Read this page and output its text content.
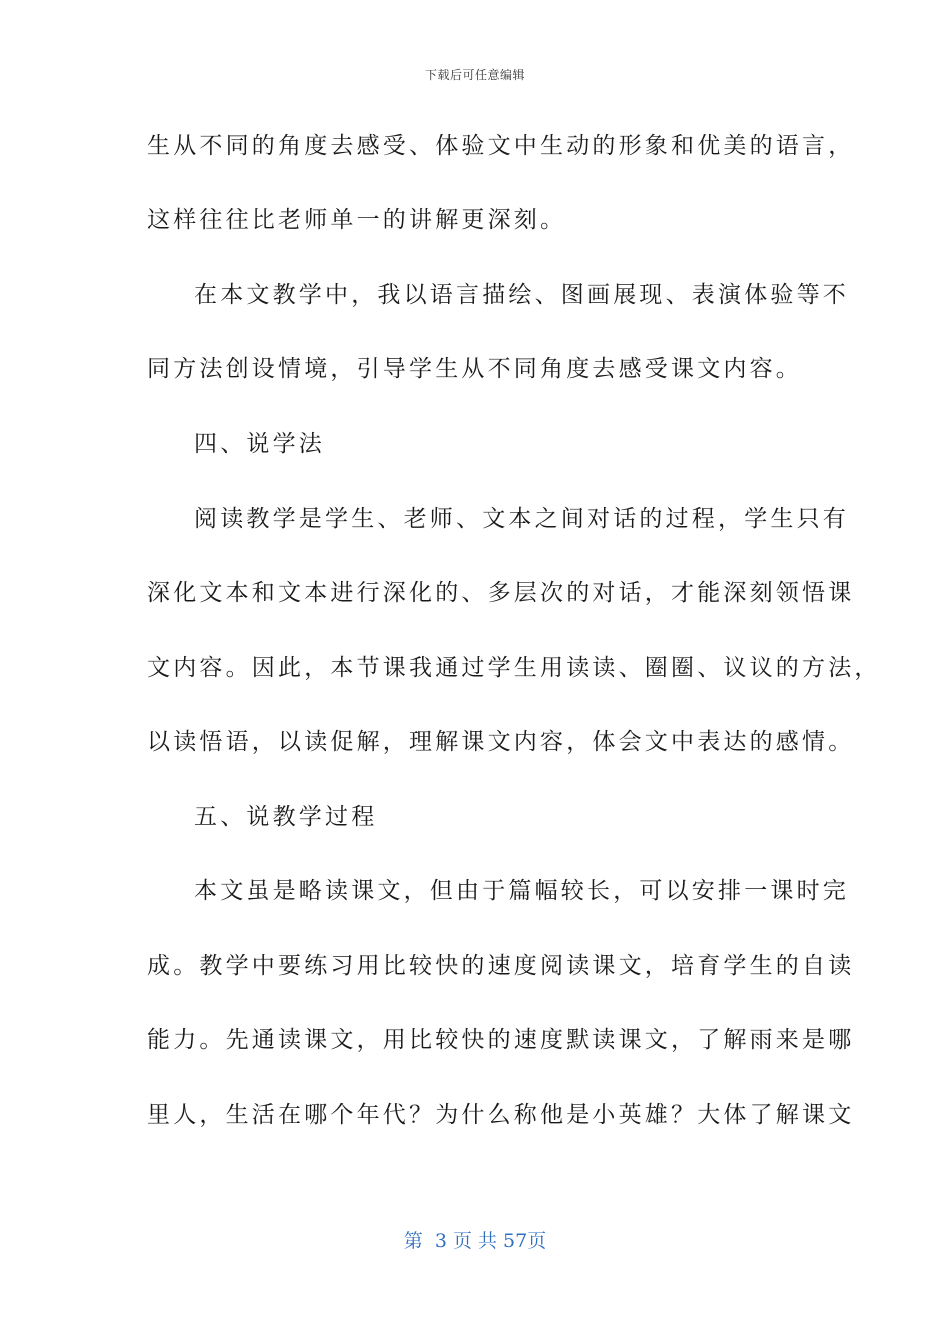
下载后可任意编辑
生从不同的角度去感受、体验文中生动的形象和优美的语言，
这样往往比老师单一的讲解更深刻。
在本文教学中，我以语言描绘、图画展现、表演体验等不
同方法创设情境，引导学生从不同角度去感受课文内容。
四、说学法
阅读教学是学生、老师、文本之间对话的过程，学生只有
深化文本和文本进行深化的、多层次的对话，才能深刻领悟课
文内容。因此，本节课我通过学生用读读、圈圈、议议的方法，
以读悟语，以读促解，理解课文内容，体会文中表达的感情。
五、说教学过程
本文虽是略读课文，但由于篇幅较长，可以安排一课时完
成。教学中要练习用比较快的速度阅读课文，培育学生的自读
能力。先通读课文，用比较快的速度默读课文，了解雨来是哪
里人，生活在哪个年代？为什么称他是小英雄？大体了解课文
第  3 页 共 57页
